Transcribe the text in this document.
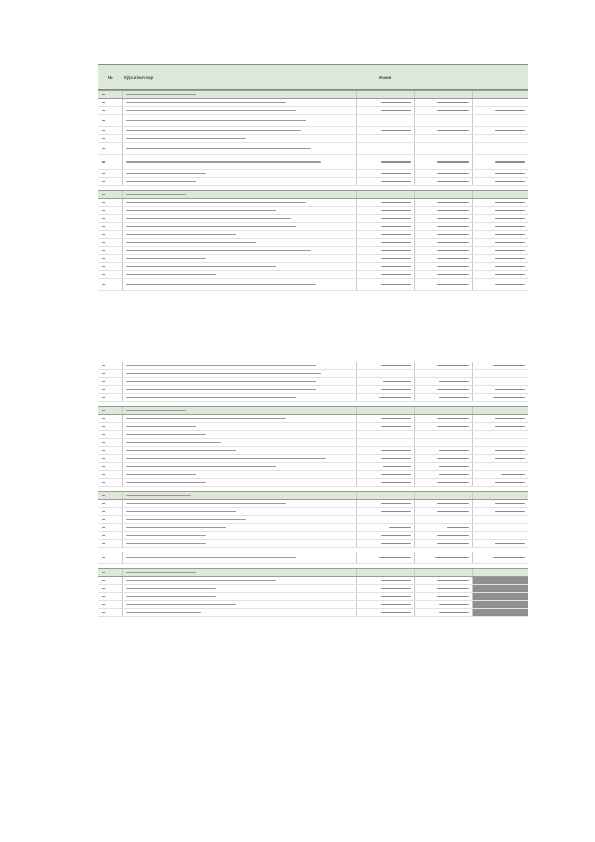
№	Кўрсаткичлар	Жами
